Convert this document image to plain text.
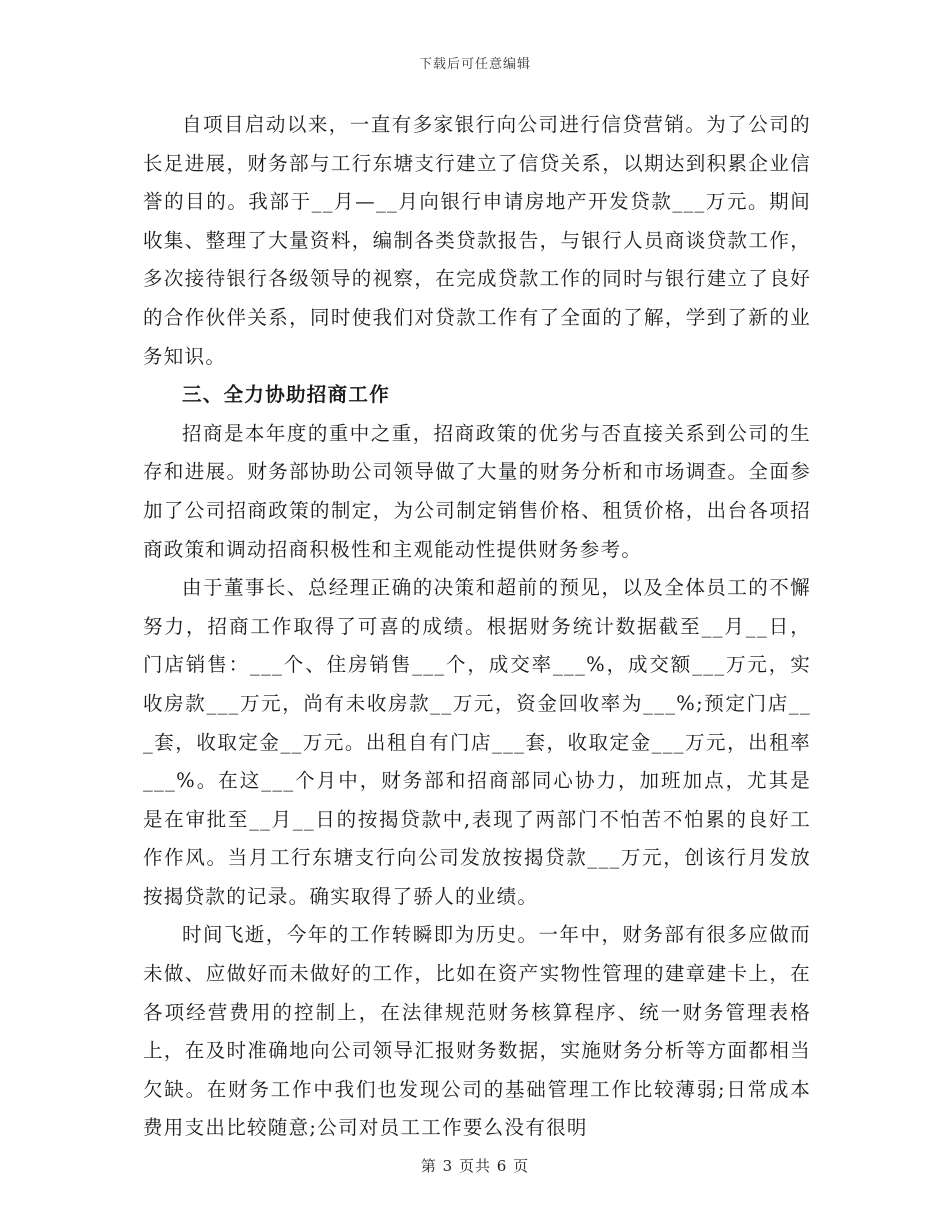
下载后可任意编辑

自项目启动以来，一直有多家银行向公司进行信贷营销。为了公司的长足进展，财务部与工行东塘支行建立了信贷关系，以期达到积累企业信誉的目的。我部于__月—__月向银行申请房地产开发贷款___万元。期间收集、整理了大量资料，编制各类贷款报告，与银行人员商谈贷款工作，多次接待银行各级领导的视察，在完成贷款工作的同时与银行建立了良好的合作伙伴关系，同时使我们对贷款工作有了全面的了解，学到了新的业务知识。

三、全力协助招商工作

招商是本年度的重中之重，招商政策的优劣与否直接关系到公司的生存和进展。财务部协助公司领导做了大量的财务分析和市场调查。全面参加了公司招商政策的制定，为公司制定销售价格、租赁价格，出台各项招商政策和调动招商积极性和主观能动性提供财务参考。

由于董事长、总经理正确的决策和超前的预见，以及全体员工的不懈努力，招商工作取得了可喜的成绩。根据财务统计数据截至__月__日，门店销售：___个、住房销售___个，成交率___%，成交额___万元，实收房款___万元，尚有未收房款__万元，资金回收率为___%;预定门店___套，收取定金__万元。出租自有门店___套，收取定金___万元，出租率___%。在这___个月中，财务部和招商部同心协力，加班加点，尤其是是在审批至__月__日的按揭贷款中,表现了两部门不怕苦不怕累的良好工作作风。当月工行东塘支行向公司发放按揭贷款___万元，创该行月发放按揭贷款的记录。确实取得了骄人的业绩。

时间飞逝，今年的工作转瞬即为历史。一年中，财务部有很多应做而未做、应做好而未做好的工作，比如在资产实物性管理的建章建卡上，在各项经营费用的控制上，在法律规范财务核算程序、统一财务管理表格上，在及时准确地向公司领导汇报财务数据，实施财务分析等方面都相当欠缺。在财务工作中我们也发现公司的基础管理工作比较薄弱;日常成本费用支出比较随意;公司对员工工作要么没有很明

第 3 页共 6 页
